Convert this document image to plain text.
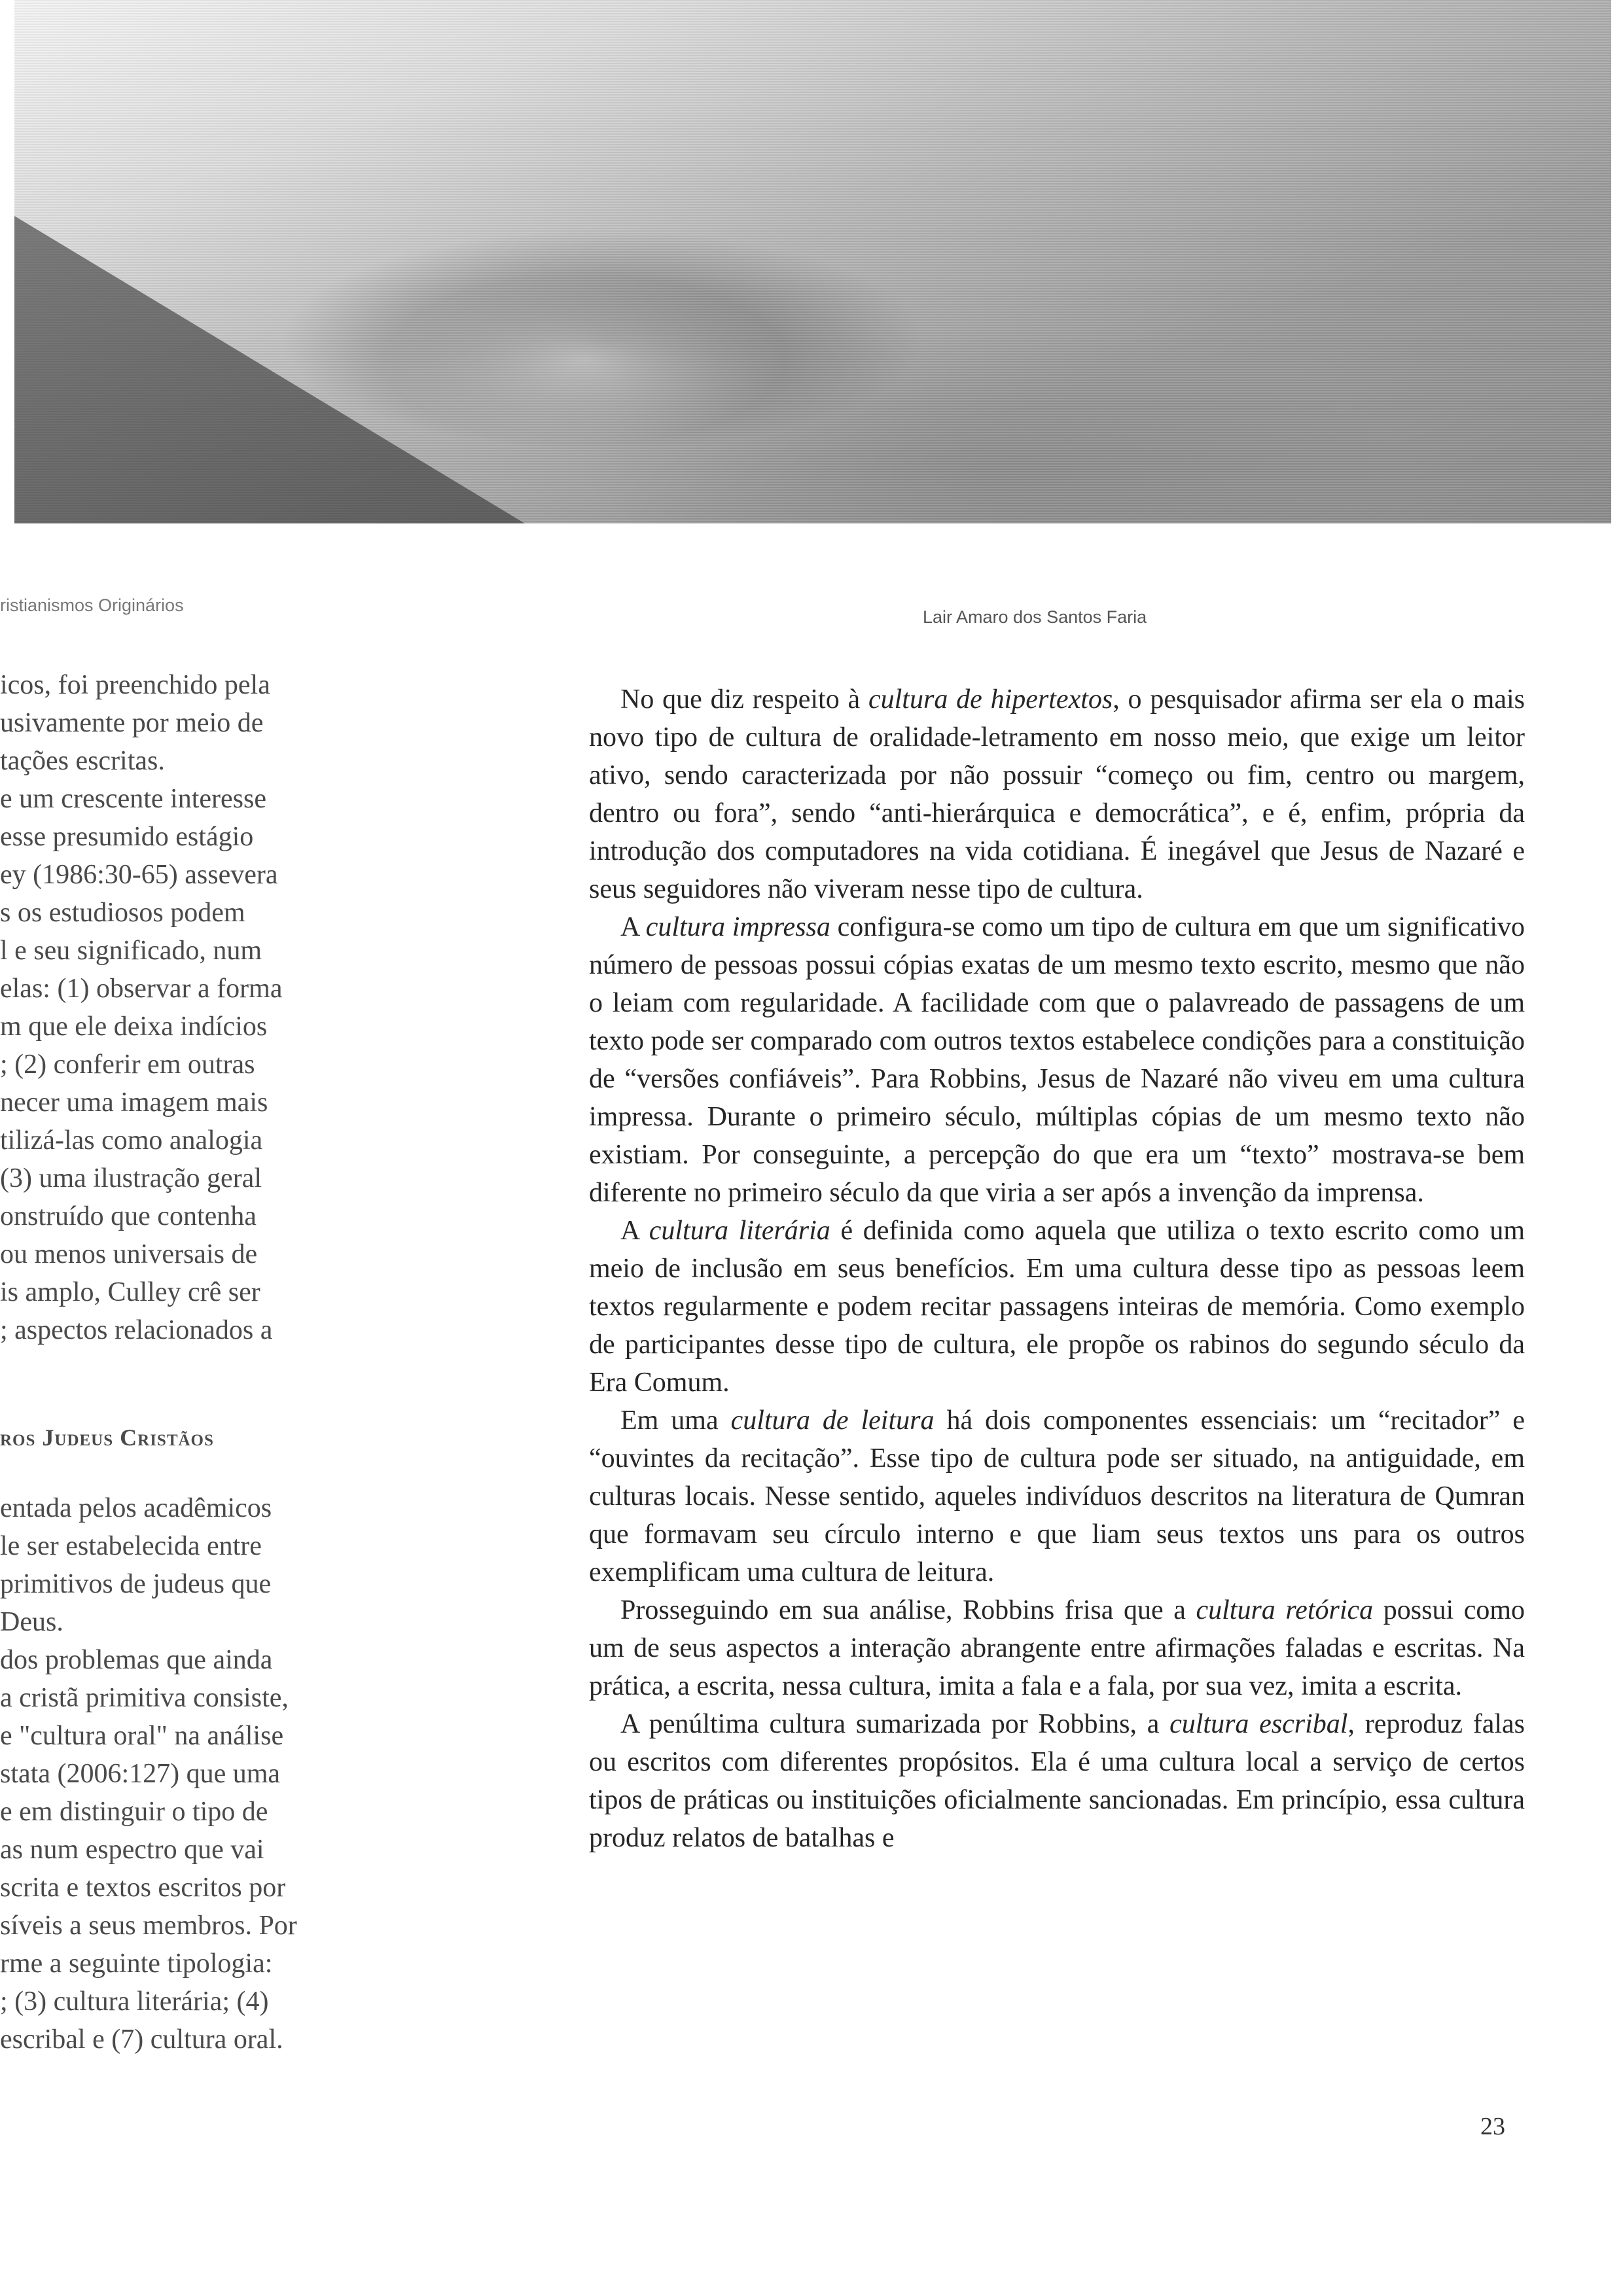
ristianismos Originários
Lair Amaro dos Santos Faria
icos, foi preenchido pela
usivamente por meio de
tações escritas.
e um crescente interesse
esse presumido estágio
ey (1986:30-65) assevera
s os estudiosos podem
l e seu significado, num
elas: (1) observar a forma
m que ele deixa indícios
; (2) conferir em outras
necer uma imagem mais
tilizá-las como analogia
(3) uma ilustração geral
onstruído que contenha
ou menos universais de
is amplo, Culley crê ser
; aspectos relacionados a
ros Judeus Cristãos
entada pelos acadêmicos
le ser estabelecida entre
primitivos de judeus que
Deus.
dos problemas que ainda
a cristã primitiva consiste,
e "cultura oral" na análise
stata (2006:127) que uma
e em distinguir o tipo de
as num espectro que vai
scrita e textos escritos por
síveis a seus membros. Por
rme a seguinte tipologia:
; (3) cultura literária; (4)
escribal e (7) cultura oral.

No que diz respeito à cultura de hipertextos, o pesquisador afirma ser ela o mais novo tipo de cultura de oralidade-letramento em nosso meio, que exige um leitor ativo, sendo caracterizada por não possuir “começo ou fim, centro ou margem, dentro ou fora”, sendo “anti-hierárquica e democrática”, e é, enfim, própria da introdução dos computadores na vida cotidiana. É inegável que Jesus de Nazaré e seus seguidores não viveram nesse tipo de cultura.

A cultura impressa configura-se como um tipo de cultura em que um significativo número de pessoas possui cópias exatas de um mesmo texto escrito, mesmo que não o leiam com regularidade. A facilidade com que o palavreado de passagens de um texto pode ser comparado com outros textos estabelece condições para a constituição de “versões confiáveis”. Para Robbins, Jesus de Nazaré não viveu em uma cultura impressa. Durante o primeiro século, múltiplas cópias de um mesmo texto não existiam. Por conseguinte, a percepção do que era um “texto” mostrava-se bem diferente no primeiro século da que viria a ser após a invenção da imprensa.

A cultura literária é definida como aquela que utiliza o texto escrito como um meio de inclusão em seus benefícios. Em uma cultura desse tipo as pessoas leem textos regularmente e podem recitar passagens inteiras de memória. Como exemplo de participantes desse tipo de cultura, ele propõe os rabinos do segundo século da Era Comum.

Em uma cultura de leitura há dois componentes essenciais: um “recitador” e “ouvintes da recitação”. Esse tipo de cultura pode ser situado, na antiguidade, em culturas locais. Nesse sentido, aqueles indivíduos descritos na literatura de Qumran que formavam seu círculo interno e que liam seus textos uns para os outros exemplificam uma cultura de leitura.

Prosseguindo em sua análise, Robbins frisa que a cultura retórica possui como um de seus aspectos a interação abrangente entre afirmações faladas e escritas. Na prática, a escrita, nessa cultura, imita a fala e a fala, por sua vez, imita a escrita.

A penúltima cultura sumarizada por Robbins, a cultura escribal, reproduz falas ou escritos com diferentes propósitos. Ela é uma cultura local a serviço de certos tipos de práticas ou instituições oficialmente sancionadas. Em princípio, essa cultura produz relatos de batalhas e

23
